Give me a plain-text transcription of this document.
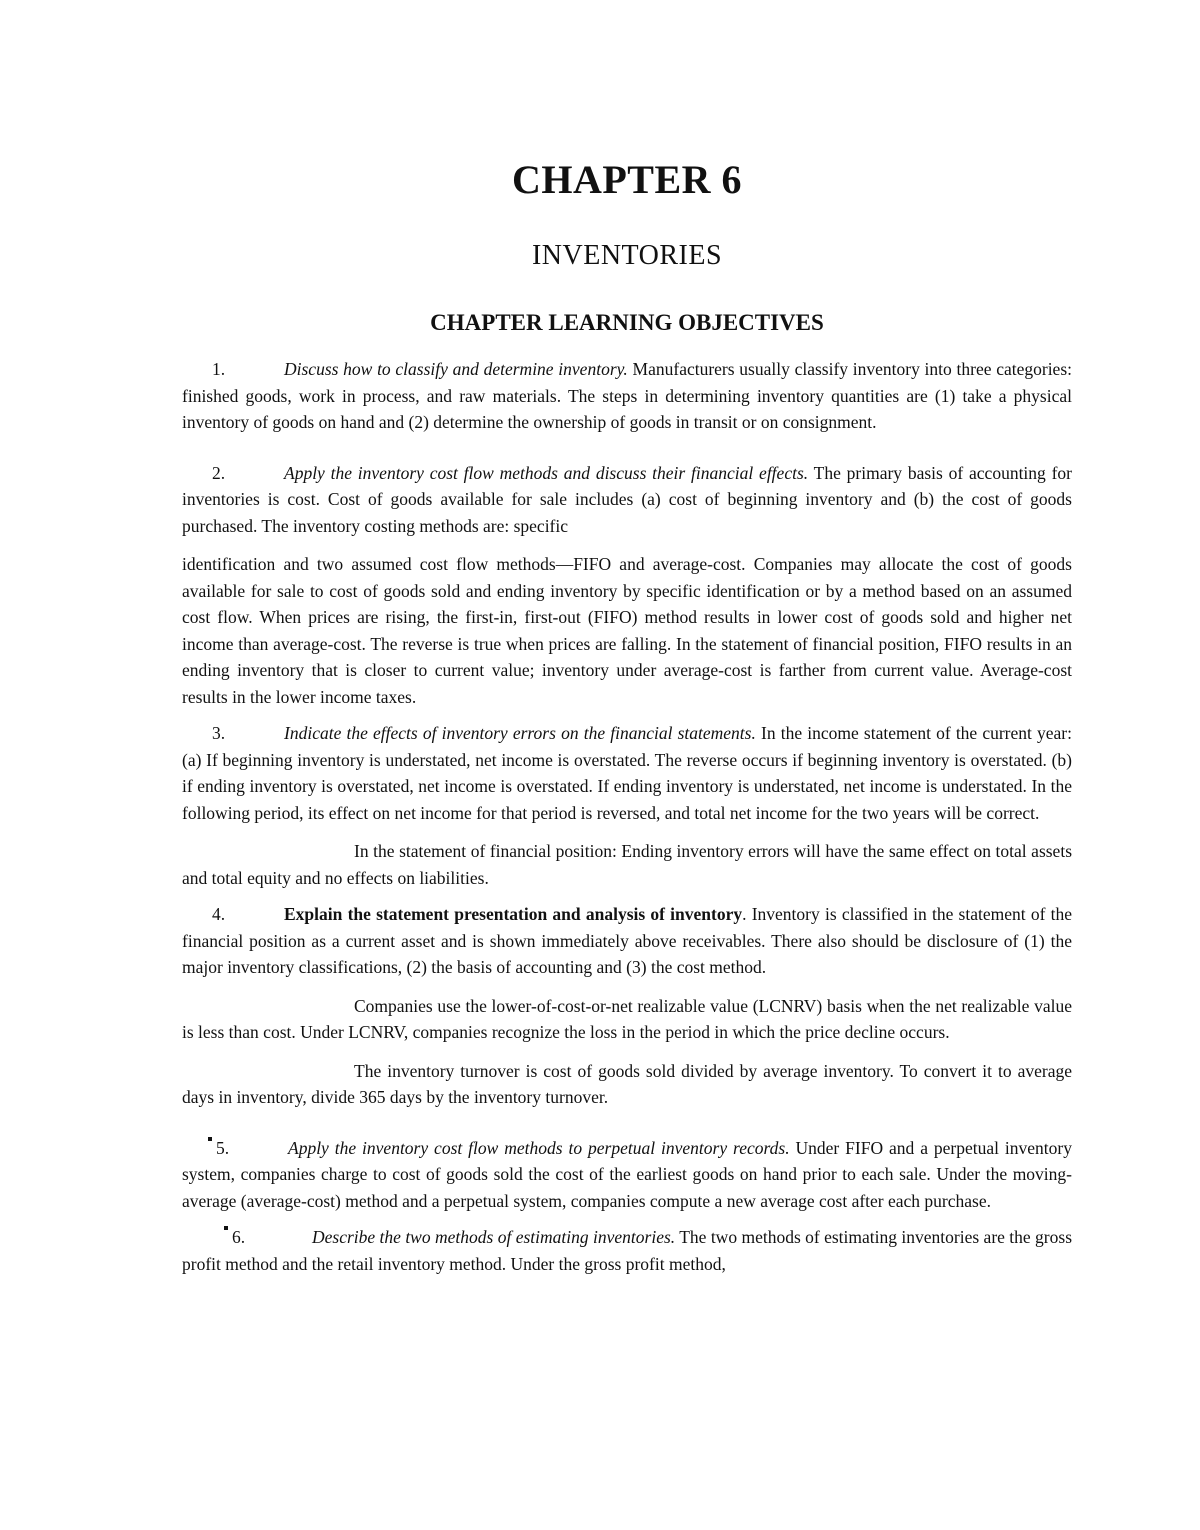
CHAPTER 6
INVENTORIES
CHAPTER LEARNING OBJECTIVES

1.	Discuss how to classify and determine inventory. Manufacturers usually classify inventory into three categories: finished goods, work in process, and raw materials. The steps in determining inventory quantities are (1) take a physical inventory of goods on hand and (2) determine the ownership of goods in transit or on consignment.

2.	Apply the inventory cost flow methods and discuss their financial effects. The primary basis of accounting for inventories is cost. Cost of goods available for sale includes (a) cost of beginning inventory and (b) the cost of goods purchased. The inventory costing methods are: specific

identification and two assumed cost flow methods—FIFO and average-cost. Companies may allocate the cost of goods available for sale to cost of goods sold and ending inventory by specific identification or by a method based on an assumed cost flow. When prices are rising, the first-in, first-out (FIFO) method results in lower cost of goods sold and higher net income than average-cost. The reverse is true when prices are falling. In the statement of financial position, FIFO results in an ending inventory that is closer to current value; inventory under average-cost is farther from current value. Average-cost results in the lower income taxes.

3.	Indicate the effects of inventory errors on the financial statements. In the income statement of the current year: (a) If beginning inventory is understated, net income is overstated. The reverse occurs if beginning inventory is overstated. (b) if ending inventory is overstated, net income is overstated. If ending inventory is understated, net income is understated. In the following period, its effect on net income for that period is reversed, and total net income for the two years will be correct.

In the statement of financial position: Ending inventory errors will have the same effect on total assets and total equity and no effects on liabilities.

4.	Explain the statement presentation and analysis of inventory. Inventory is classified in the statement of the financial position as a current asset and is shown immediately above receivables. There also should be disclosure of (1) the major inventory classifications, (2) the basis of accounting and (3) the cost method.

Companies use the lower-of-cost-or-net realizable value (LCNRV) basis when the net realizable value is less than cost. Under LCNRV, companies recognize the loss in the period in which the price decline occurs.

The inventory turnover is cost of goods sold divided by average inventory. To convert it to average days in inventory, divide 365 days by the inventory turnover.

5.	Apply the inventory cost flow methods to perpetual inventory records. Under FIFO and a perpetual inventory system, companies charge to cost of goods sold the cost of the earliest goods on hand prior to each sale. Under the moving-average (average-cost) method and a perpetual system, companies compute a new average cost after each purchase.

6.	Describe the two methods of estimating inventories. The two methods of estimating inventories are the gross profit method and the retail inventory method. Under the gross profit method,
